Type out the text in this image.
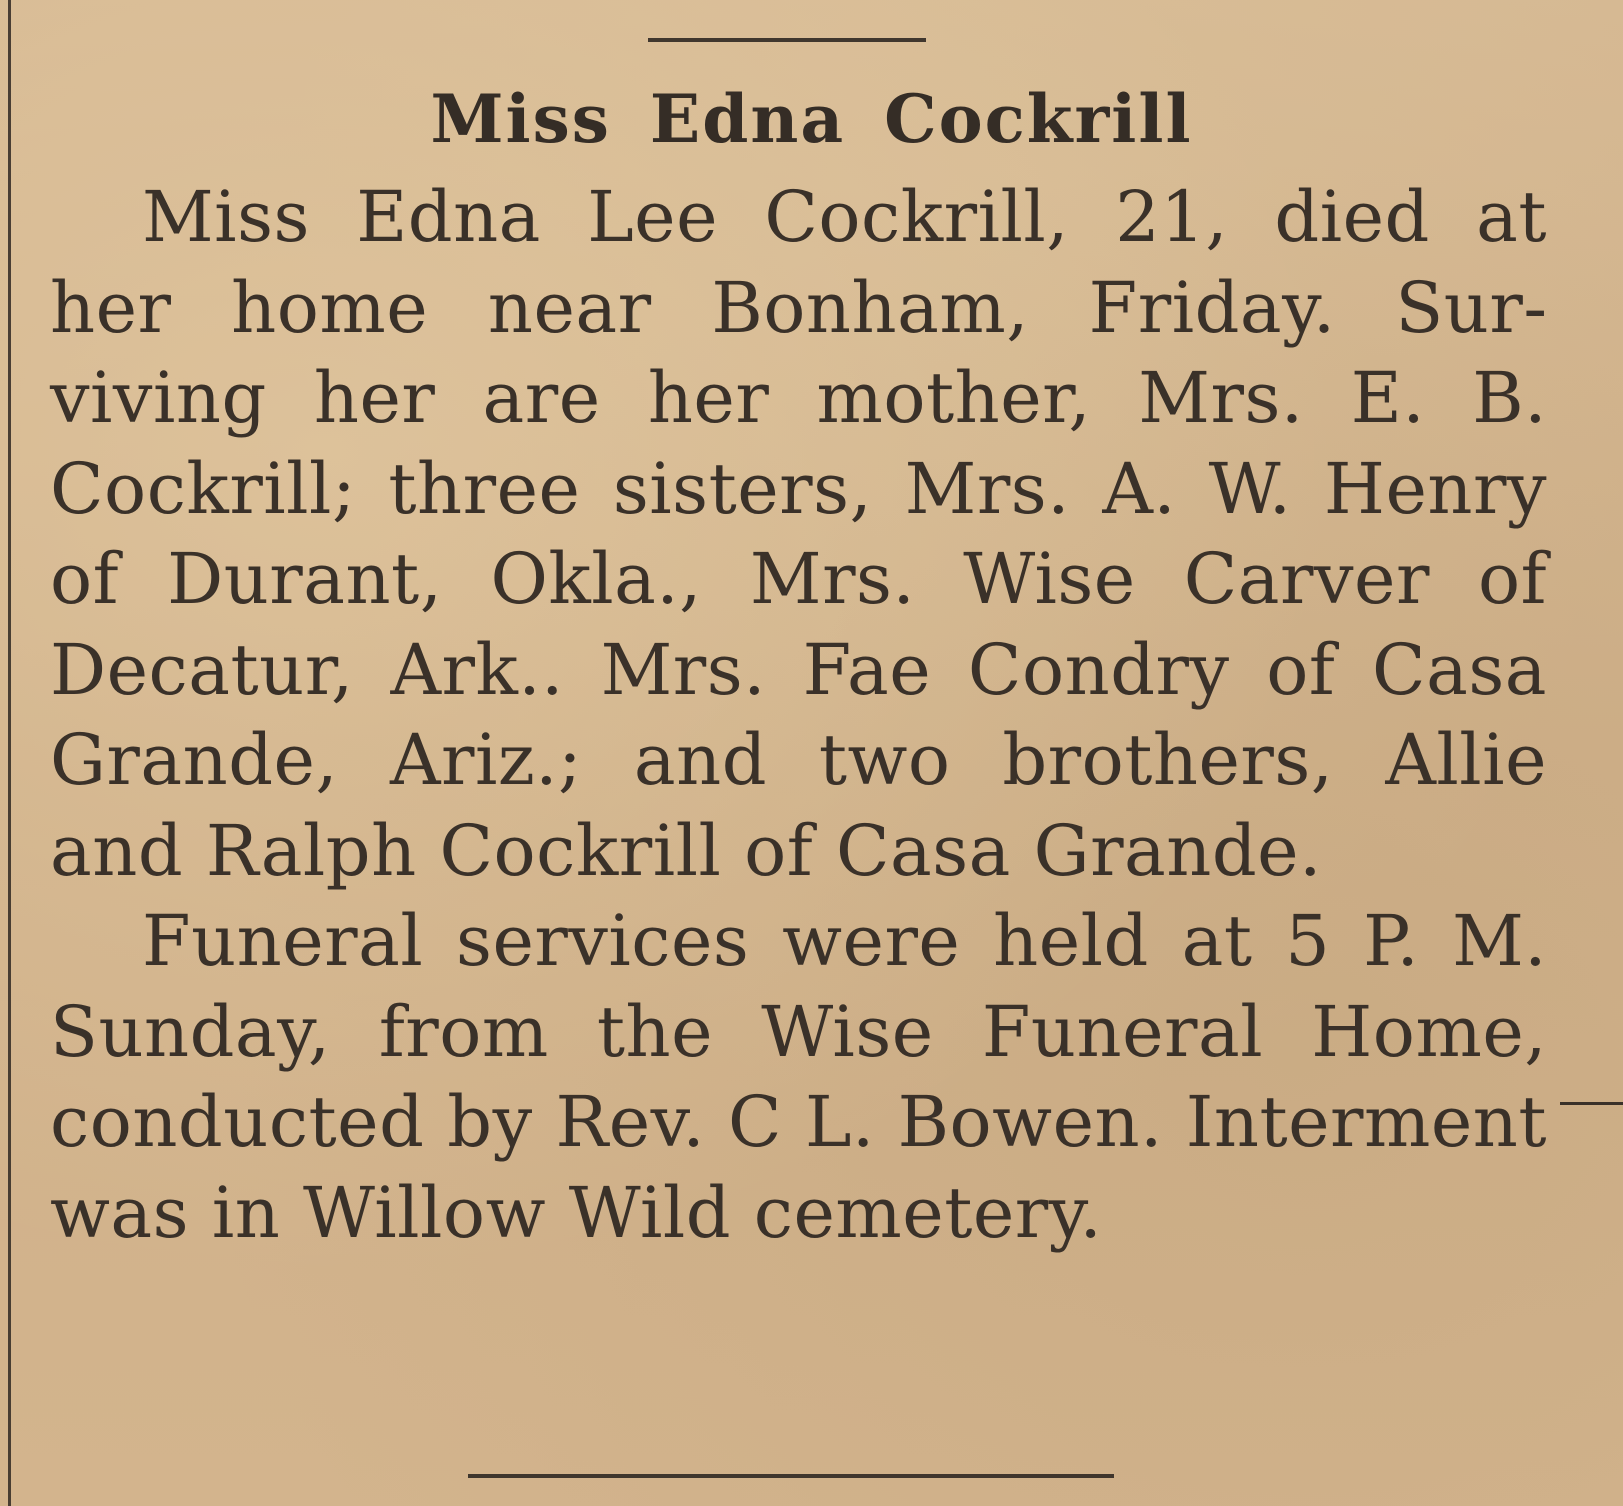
Miss Edna Cockrill

Miss Edna Lee Cockrill, 21, died at her home near Bonham, Friday. Surviving her are her mother, Mrs. E. B. Cockrill; three sisters, Mrs. A. W. Henry of Durant, Okla., Mrs. Wise Carver of Decatur, Ark.. Mrs. Fae Condry of Casa Grande, Ariz.; and two brothers, Allie and Ralph Cockrill of Casa Grande.

Funeral services were held at 5 P. M. Sunday, from the Wise Funeral Home, conducted by Rev. C L. Bowen. Interment was in Willow Wild cemetery.
